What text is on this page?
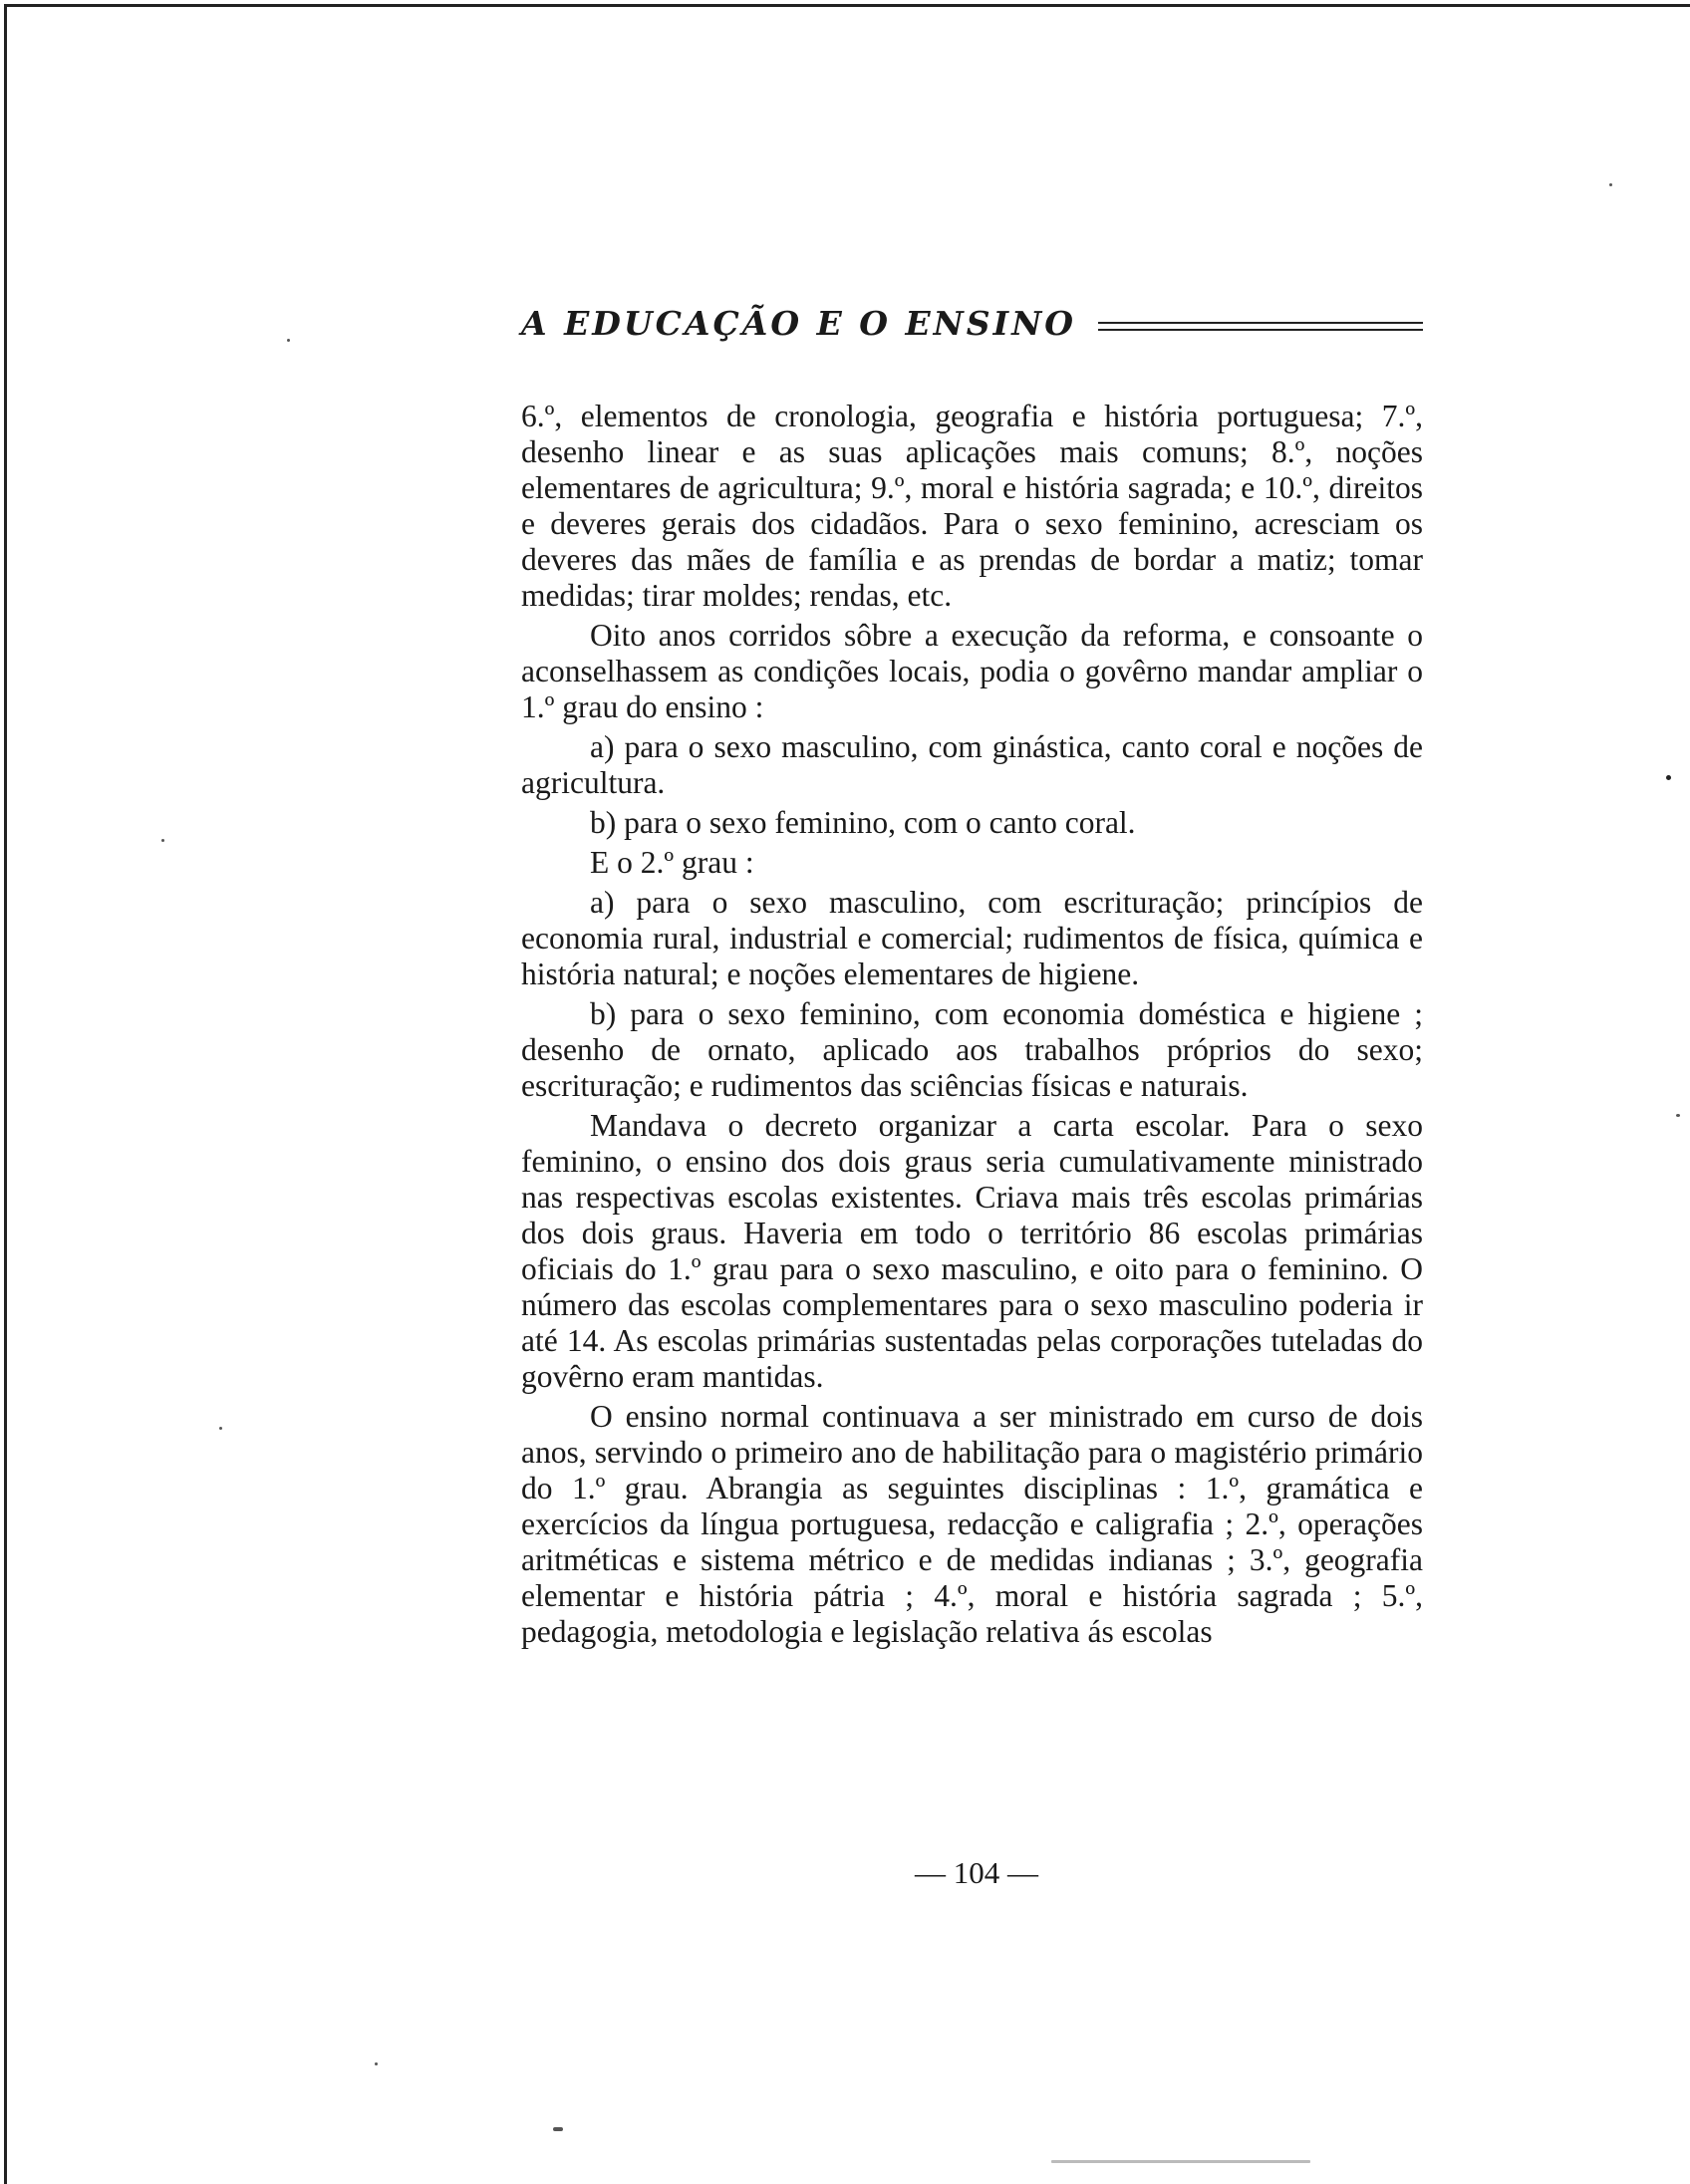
A EDUCAÇÃO E O ENSINO

6.º, elementos de cronologia, geografia e história portuguesa; 7.º, desenho linear e as suas aplicações mais comuns; 8.º, noções elementares de agricultura; 9.º, moral e história sagrada; e 10.º, direitos e deveres gerais dos cidadãos. Para o sexo feminino, acresciam os deveres das mães de família e as prendas de bordar a matiz; tomar medidas; tirar moldes; rendas, etc.

Oito anos corridos sôbre a execução da reforma, e consoante o aconselhassem as condições locais, podia o govêrno mandar ampliar o 1.º grau do ensino :

a) para o sexo masculino, com ginástica, canto coral e noções de agricultura.

b) para o sexo feminino, com o canto coral.

E o 2.º grau :

a) para o sexo masculino, com escrituração; princípios de economia rural, industrial e comercial; rudimentos de física, química e história natural; e noções elementares de higiene.

b) para o sexo feminino, com economia doméstica e higiene ; desenho de ornato, aplicado aos trabalhos próprios do sexo; escrituração; e rudimentos das sciências físicas e naturais.

Mandava o decreto organizar a carta escolar. Para o sexo feminino, o ensino dos dois graus seria cumulativamente ministrado nas respectivas escolas existentes. Criava mais três escolas primárias dos dois graus. Haveria em todo o território 86 escolas primárias oficiais do 1.º grau para o sexo masculino, e oito para o feminino. O número das escolas complementares para o sexo masculino poderia ir até 14. As escolas primárias sustentadas pelas corporações tuteladas do govêrno eram mantidas.

O ensino normal continuava a ser ministrado em curso de dois anos, servindo o primeiro ano de habilitação para o magistério primário do 1.º grau. Abrangia as seguintes disciplinas : 1.º, gramática e exercícios da língua portuguesa, redacção e caligrafia ; 2.º, operações aritméticas e sistema métrico e de medidas indianas ; 3.º, geografia elementar e história pátria ; 4.º, moral e história sagrada ; 5.º, pedagogia, metodologia e legislação relativa ás escolas

— 104 —
